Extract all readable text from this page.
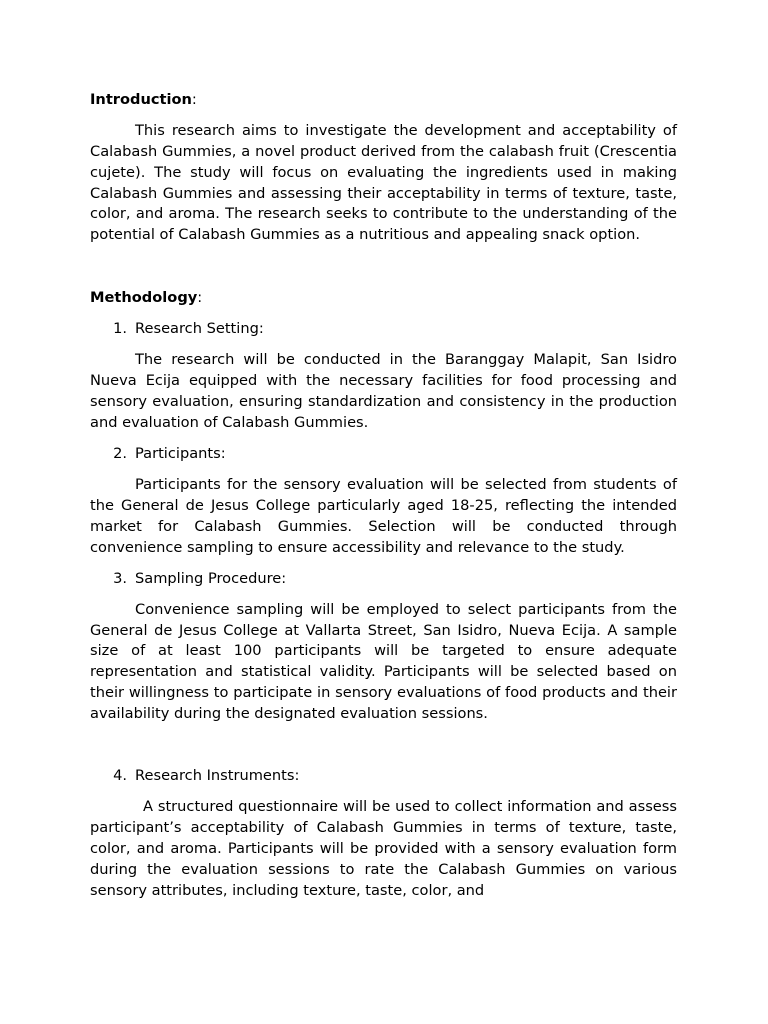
Introduction:

This research aims to investigate the development and acceptability of Calabash Gummies, a novel product derived from the calabash fruit (Crescentia cujete). The study will focus on evaluating the ingredients used in making Calabash Gummies and assessing their acceptability in terms of texture, taste, color, and aroma. The research seeks to contribute to the understanding of the potential of Calabash Gummies as a nutritious and appealing snack option.

Methodology:

1. Research Setting:

The research will be conducted in the Baranggay Malapit, San Isidro Nueva Ecija equipped with the necessary facilities for food processing and sensory evaluation, ensuring standardization and consistency in the production and evaluation of Calabash Gummies.

2. Participants:

Participants for the sensory evaluation will be selected from students of the General de Jesus College particularly aged 18-25, reflecting the intended market for Calabash Gummies. Selection will be conducted through convenience sampling to ensure accessibility and relevance to the study.

3. Sampling Procedure:

Convenience sampling will be employed to select participants from the General de Jesus College at Vallarta Street, San Isidro, Nueva Ecija. A sample size of at least 100 participants will be targeted to ensure adequate representation and statistical validity. Participants will be selected based on their willingness to participate in sensory evaluations of food products and their availability during the designated evaluation sessions.

4. Research Instruments:

A structured questionnaire will be used to collect information and assess participant’s acceptability of Calabash Gummies in terms of texture, taste, color, and aroma. Participants will be provided with a sensory evaluation form during the evaluation sessions to rate the Calabash Gummies on various sensory attributes, including texture, taste, color, and
